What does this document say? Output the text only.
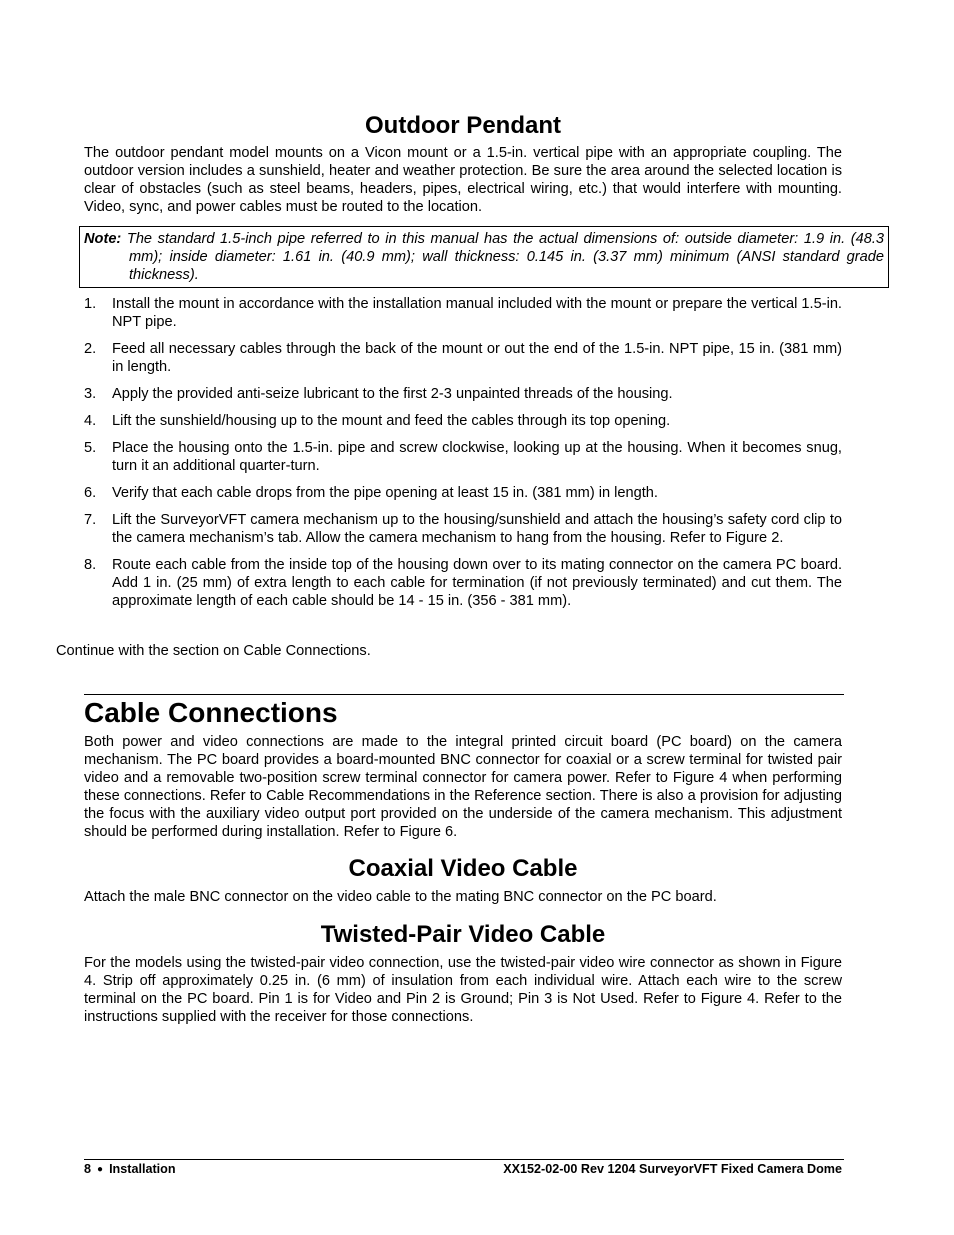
Outdoor Pendant

The outdoor pendant model mounts on a Vicon mount or a 1.5-in. vertical pipe with an appropriate coupling. The outdoor version includes a sunshield, heater and weather protection. Be sure the area around the selected location is clear of obstacles (such as steel beams, headers, pipes, electrical wiring, etc.) that would interfere with mounting. Video, sync, and power cables must be routed to the location.

Note: The standard 1.5-inch pipe referred to in this manual has the actual dimensions of: outside diameter: 1.9 in. (48.3 mm); inside diameter: 1.61 in. (40.9 mm); wall thickness: 0.145 in. (3.37 mm) minimum (ANSI standard grade thickness).
1. Install the mount in accordance with the installation manual included with the mount or prepare the vertical 1.5-in. NPT pipe.
2. Feed all necessary cables through the back of the mount or out the end of the 1.5-in. NPT pipe, 15 in. (381 mm) in length.
3. Apply the provided anti-seize lubricant to the first 2-3 unpainted threads of the housing.
4. Lift the sunshield/housing up to the mount and feed the cables through its top opening.
5. Place the housing onto the 1.5-in. pipe and screw clockwise, looking up at the housing. When it becomes snug, turn it an additional quarter-turn.
6. Verify that each cable drops from the pipe opening at least 15 in. (381 mm) in length.
7. Lift the SurveyorVFT camera mechanism up to the housing/sunshield and attach the housing’s safety cord clip to the camera mechanism’s tab. Allow the camera mechanism to hang from the housing. Refer to Figure 2.
8. Route each cable from the inside top of the housing down over to its mating connector on the camera PC board. Add 1 in. (25 mm) of extra length to each cable for termination (if not previously terminated) and cut them. The approximate length of each cable should be 14 - 15 in. (356 - 381 mm).

Continue with the section on Cable Connections.

Cable Connections

Both power and video connections are made to the integral printed circuit board (PC board) on the camera mechanism. The PC board provides a board-mounted BNC connector for coaxial or a screw terminal for twisted pair video and a removable two-position screw terminal connector for camera power. Refer to Figure 4 when performing these connections. Refer to Cable Recommendations in the Reference section. There is also a provision for adjusting the focus with the auxiliary video output port provided on the underside of the camera mechanism. This adjustment should be performed during installation. Refer to Figure 6.

Coaxial Video Cable

Attach the male BNC connector on the video cable to the mating BNC connector on the PC board.

Twisted-Pair Video Cable

For the models using the twisted-pair video connection, use the twisted-pair video wire connector as shown in Figure 4. Strip off approximately 0.25 in. (6 mm) of insulation from each individual wire. Attach each wire to the screw terminal on the PC board. Pin 1 is for Video and Pin 2 is Ground; Pin 3 is Not Used. Refer to Figure 4. Refer to the instructions supplied with the receiver for those connections.

8 ● Installation	XX152-02-00 Rev 1204 SurveyorVFT Fixed Camera Dome
